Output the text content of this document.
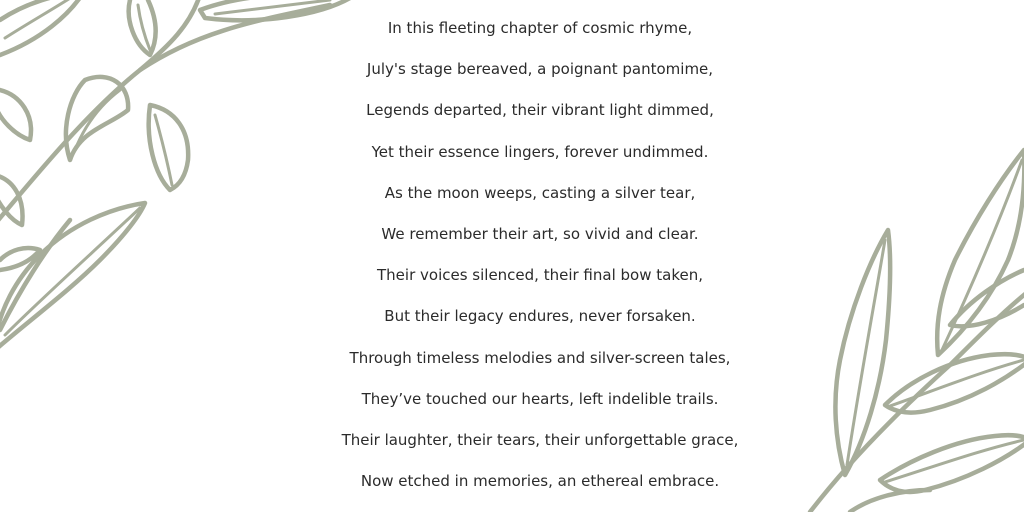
In this fleeting chapter of cosmic rhyme,
July's stage bereaved, a poignant pantomime,
Legends departed, their vibrant light dimmed,
Yet their essence lingers, forever undimmed.
As the moon weeps, casting a silver tear,
We remember their art, so vivid and clear.
Their voices silenced, their final bow taken,
But their legacy endures, never forsaken.
Through timeless melodies and silver-screen tales,
They’ve touched our hearts, left indelible trails.
Their laughter, their tears, their unforgettable grace,
Now etched in memories, an ethereal embrace.
